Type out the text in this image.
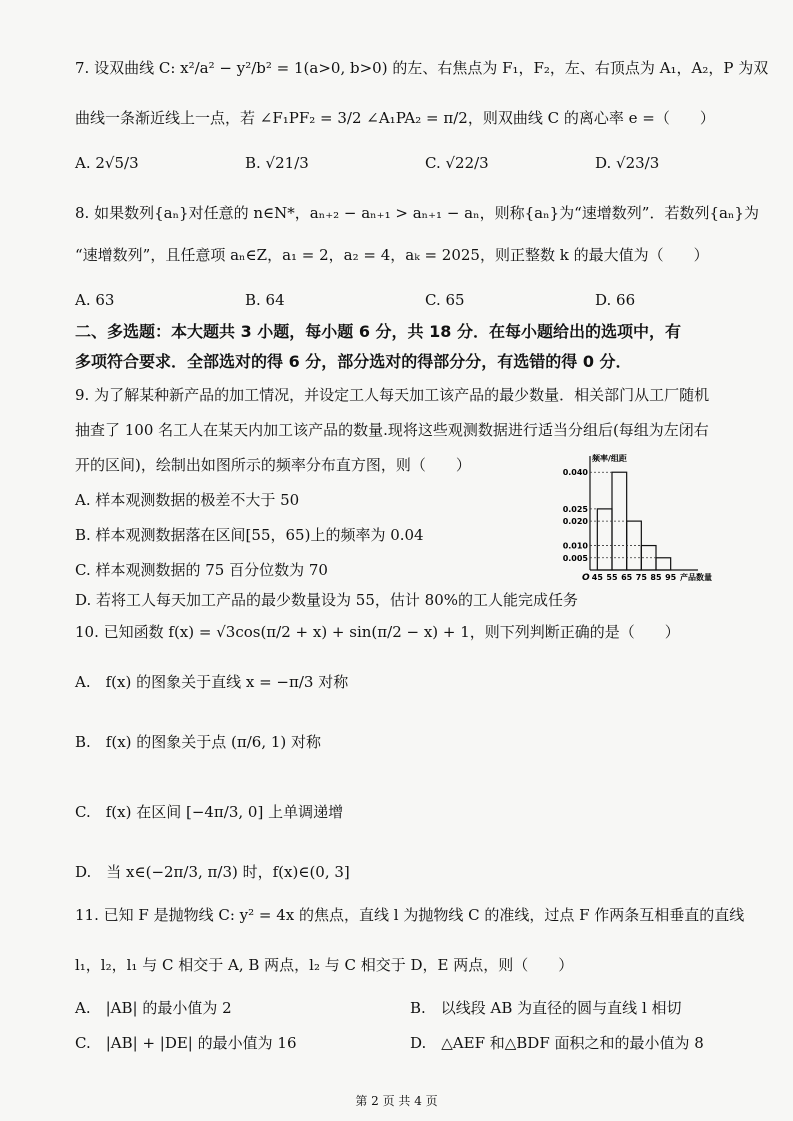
7. 设双曲线 C: x²/a² − y²/b² = 1(a>0, b>0) 的左、右焦点为 F₁，F₂，左、右顶点为 A₁，A₂，P 为双
曲线一条渐近线上一点，若 ∠F₁PF₂ = 3/2 ∠A₁PA₂ = π/2，则双曲线 C 的离心率 e =（　　）
A. 2√5/3	B. √21/3	C. √22/3	D. √23/3
8. 如果数列{aₙ}对任意的 n∈N*，aₙ₊₂ − aₙ₊₁ > aₙ₊₁ − aₙ，则称{aₙ}为“速增数列”．若数列{aₙ}为
“速增数列”，且任意项 aₙ∈Z，a₁ = 2，a₂ = 4，aₖ = 2025，则正整数 k 的最大值为（　　）
A. 63	B. 64	C. 65	D. 66
二、多选题：本大题共 3 小题，每小题 6 分，共 18 分．在每小题给出的选项中，有
多项符合要求．全部选对的得 6 分，部分选对的得部分分，有选错的得 0 分．
9. 为了解某种新产品的加工情况，并设定工人每天加工该产品的最少数量．相关部门从工厂随机
抽查了 100 名工人在某天内加工该产品的数量.现将这些观测数据进行适当分组后(每组为左闭右
开的区间)，绘制出如图所示的频率分布直方图，则（　　）
A. 样本观测数据的极差不大于 50
B. 样本观测数据落在区间[55，65)上的频率为 0.04
C. 样本观测数据的 75 百分位数为 70
D. 若将工人每天加工产品的最少数量设为 55，估计 80%的工人能完成任务
0.040
0.025
0.020
0.010
0.005
45 55 65 75 85 95
O
频率/组距
产品数量
10. 已知函数 f(x) = √3cos(π/2 + x) + sin(π/2 − x) + 1，则下列判断正确的是（　　）
A.　f(x) 的图象关于直线 x = −π/3 对称
B.　f(x) 的图象关于点 (π/6, 1) 对称
C.　f(x) 在区间 [−4π/3, 0] 上单调递增
D.　当 x∈(−2π/3, π/3) 时，f(x)∈(0, 3]
11. 已知 F 是抛物线 C: y² = 4x 的焦点，直线 l 为抛物线 C 的准线，过点 F 作两条互相垂直的直线
l₁，l₂，l₁ 与 C 相交于 A, B 两点，l₂ 与 C 相交于 D，E 两点，则（　　）
A.　|AB| 的最小值为 2	B.　以线段 AB 为直径的圆与直线 l 相切
C.　|AB| + |DE| 的最小值为 16	D.　△AEF 和△BDF 面积之和的最小值为 8
第 2 页 共 4 页
